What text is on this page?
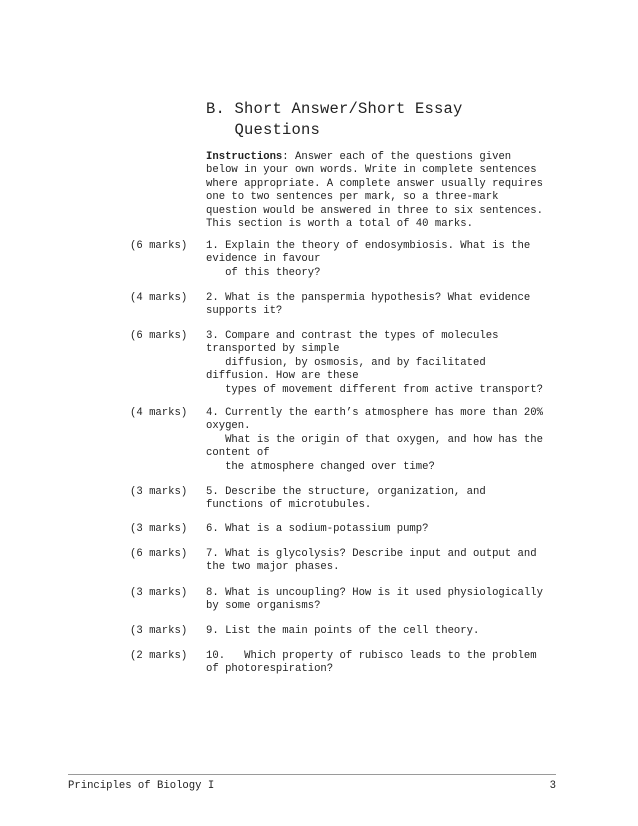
B. Short Answer/Short Essay
Questions
Instructions: Answer each of the questions given
below in your own words. Write in complete sentences
where appropriate. A complete answer usually requires
one to two sentences per mark, so a three-mark
question would be answered in three to six sentences.
This section is worth a total of 40 marks.
(6 marks) 1. Explain the theory of endosymbiosis. What is the
evidence in favour
of this theory?
(4 marks) 2. What is the panspermia hypothesis? What evidence
supports it?
(6 marks) 3. Compare and contrast the types of molecules
transported by simple
diffusion, by osmosis, and by facilitated
diffusion. How are these
types of movement different from active transport?
(4 marks) 4. Currently the earth’s atmosphere has more than 20%
oxygen.
What is the origin of that oxygen, and how has the
content of
the atmosphere changed over time?
(3 marks) 5. Describe the structure, organization, and
functions of microtubules.
(3 marks) 6. What is a sodium-potassium pump?
(6 marks) 7. What is glycolysis? Describe input and output and
the two major phases.
(3 marks) 8. What is uncoupling? How is it used physiologically
by some organisms?
(3 marks) 9. List the main points of the cell theory.
(2 marks) 10.   Which property of rubisco leads to the problem
of photorespiration?
Principles of Biology I	3
